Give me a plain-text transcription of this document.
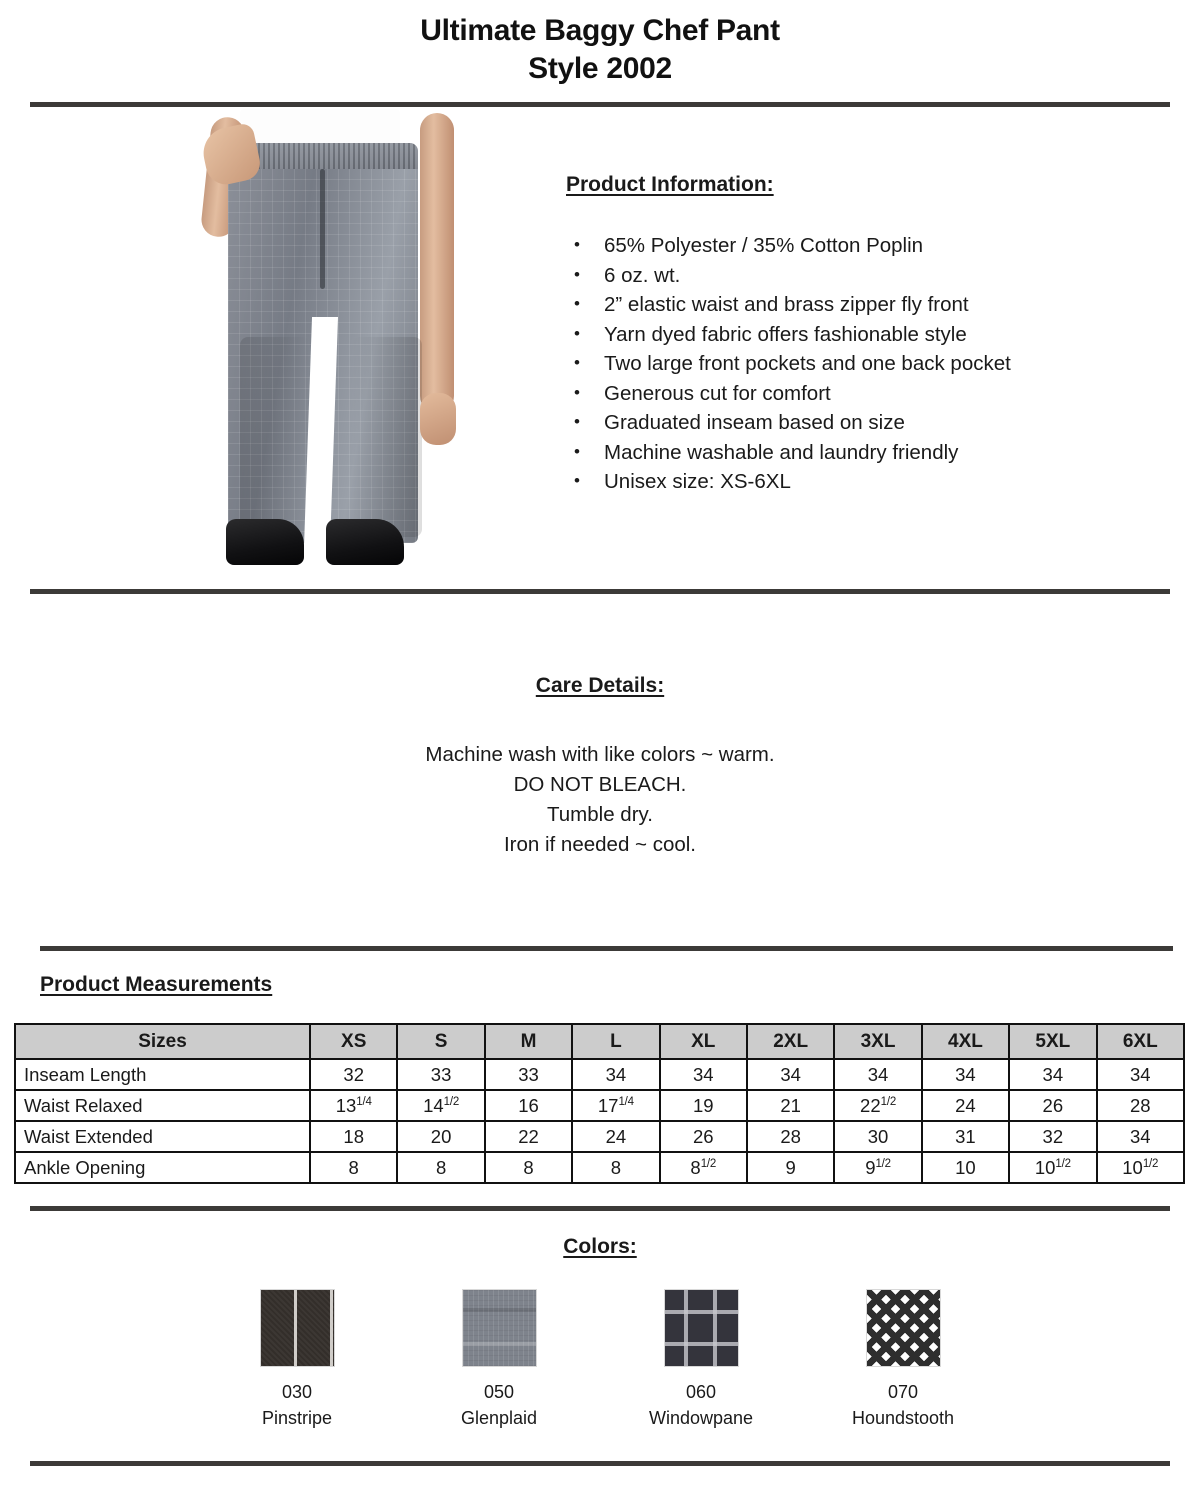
Ultimate Baggy Chef Pant
Style 2002
Product Information:
• 65% Polyester / 35% Cotton Poplin
• 6 oz. wt.
• 2” elastic waist and brass zipper fly front
• Yarn dyed fabric offers fashionable style
• Two large front pockets and one back pocket
• Generous cut for comfort
• Graduated inseam based on size
• Machine washable and laundry friendly
• Unisex size: XS-6XL
Care Details:
Machine wash with like colors ~ warm.
DO NOT BLEACH.
Tumble dry.
Iron if needed ~ cool.
Product Measurements
Sizes	XS	S	M	L	XL	2XL	3XL	4XL	5XL	6XL
Inseam Length	32	33	33	34	34	34	34	34	34	34
Waist Relaxed	$13^{1/4}$	$14^{1/2}$	16	$17^{1/4}$	19	21	$22^{1/2}$	24	26	28
Waist Extended	18	20	22	24	26	28	30	31	32	34
Ankle Opening	8	8	8	8	$8^{1/2}$	9	$9^{1/2}$	10	$10^{1/2}$	$10^{1/2}$
Colors:
030
Pinstripe
050
Glenplaid
060
Windowpane
070
Houndstooth
